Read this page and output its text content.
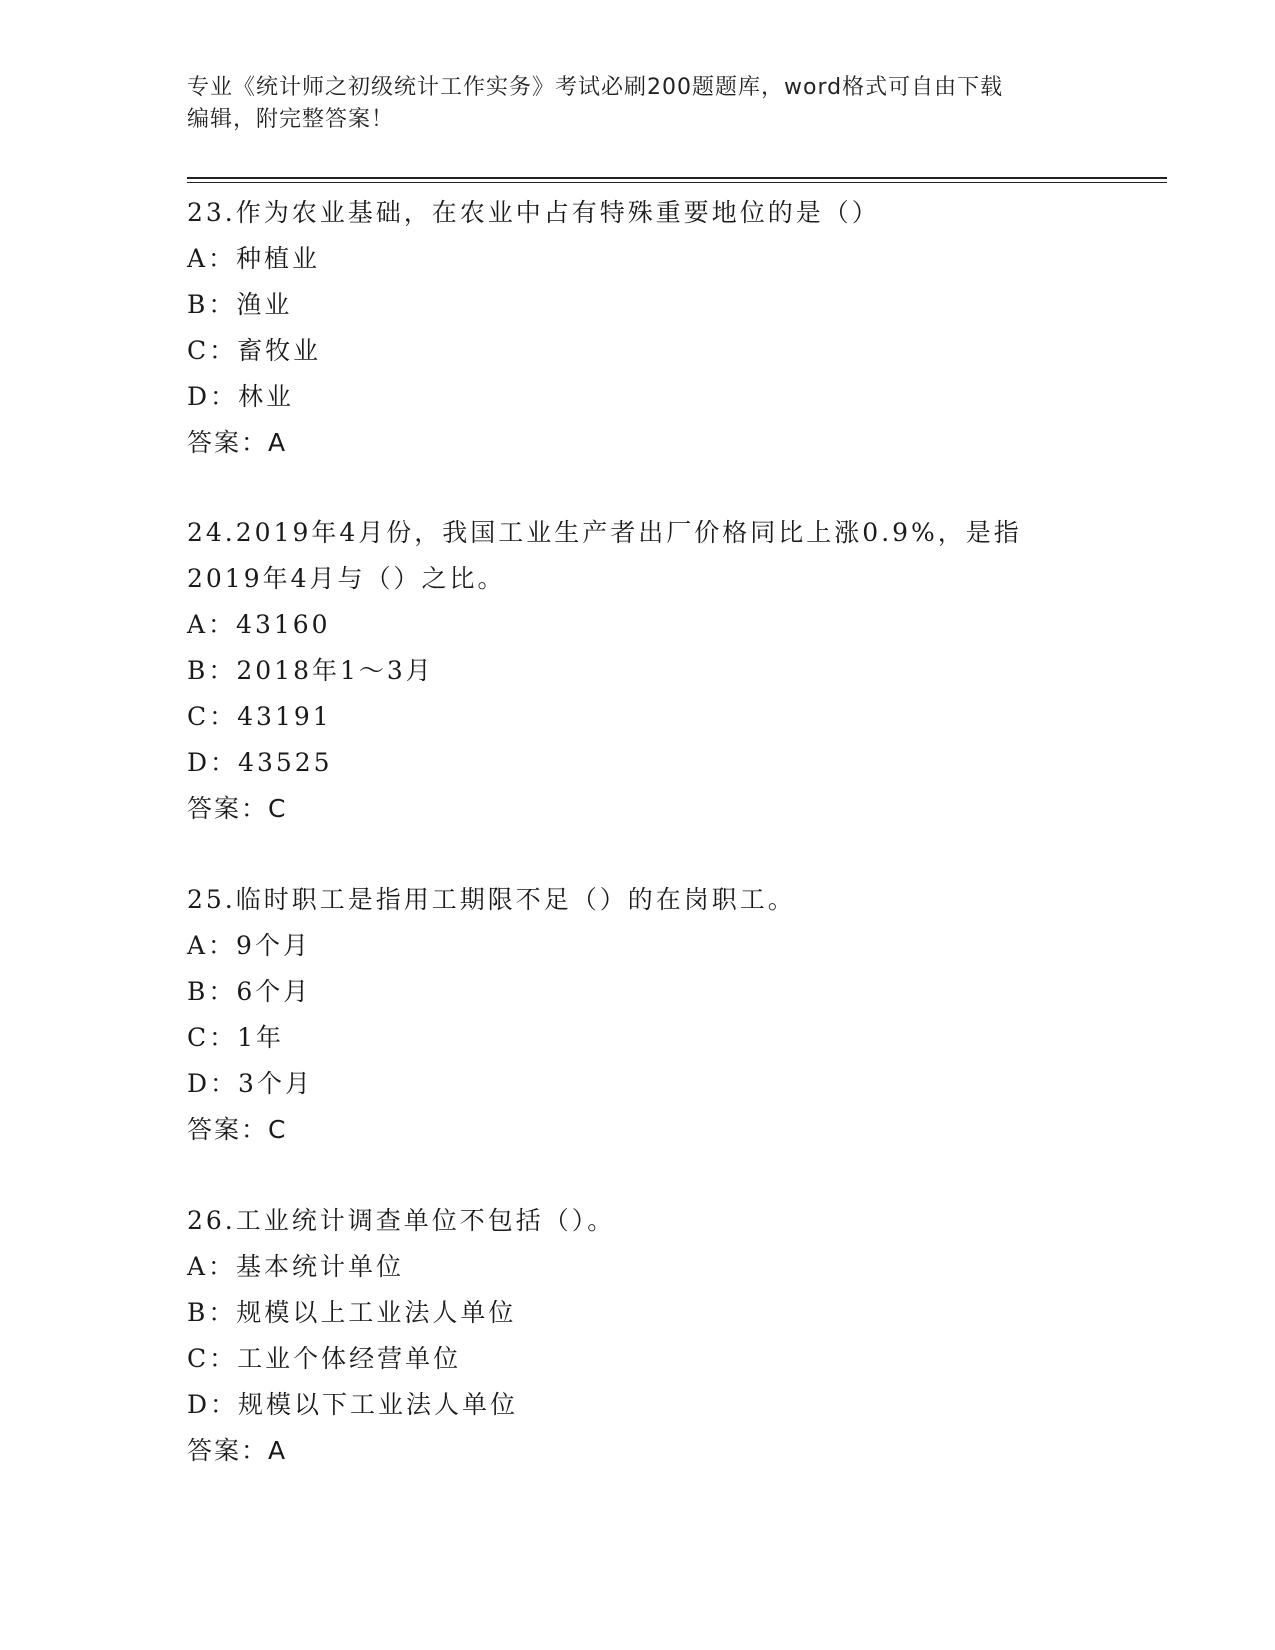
专业《统计师之初级统计工作实务》考试必刷200题题库，word格式可自由下载
编辑，附完整答案！
23.作为农业基础，在农业中占有特殊重要地位的是（）
A：种植业
B：渔业
C：畜牧业
D：林业
答案：A
24.2019年4月份，我国工业生产者出厂价格同比上涨0.9%，是指
2019年4月与（）之比。
A：43160
B：2018年1～3月
C：43191
D：43525
答案：C
25.临时职工是指用工期限不足（）的在岗职工。
A：9个月
B：6个月
C：1年
D：3个月
答案：C
26.工业统计调查单位不包括（）。
A：基本统计单位
B：规模以上工业法人单位
C：工业个体经营单位
D：规模以下工业法人单位
答案：A
